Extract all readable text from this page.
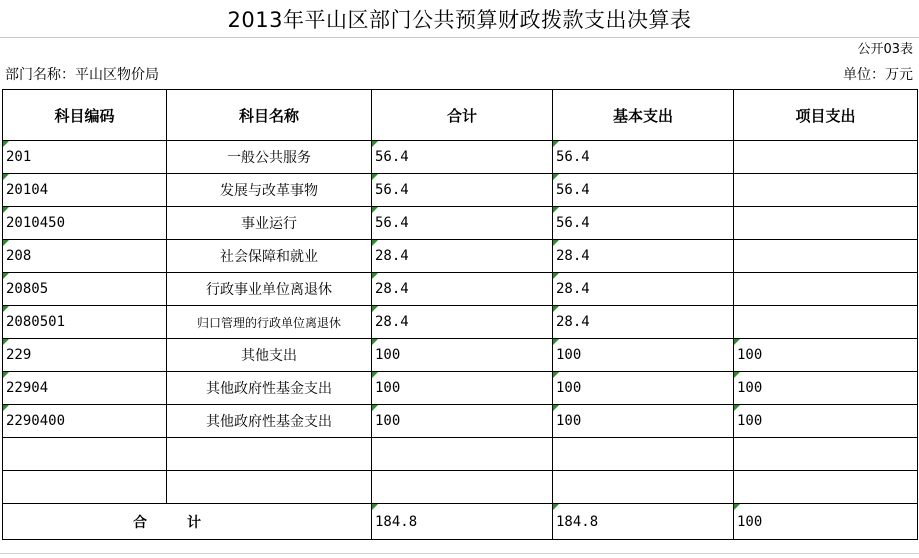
2013年平山区部门公共预算财政拨款支出决算表
公开03表
部门名称：平山区物价局	单位：万元
科目编码	科目名称	合计	基本支出	项目支出

201	一般公共服务	56.4	56.4	

20104	发展与改革事物	56.4	56.4	

2010450	事业运行	56.4	56.4	

208	社会保障和就业	28.4	28.4	

20805	行政事业单位离退休	28.4	28.4	

2080501	归口管理的行政单位离退休	28.4	28.4	

229	其他支出	100	100	100

22904	其他政府性基金支出	100	100	100

2290400	其他政府性基金支出	100	100	100

合计		184.8	184.8	100
